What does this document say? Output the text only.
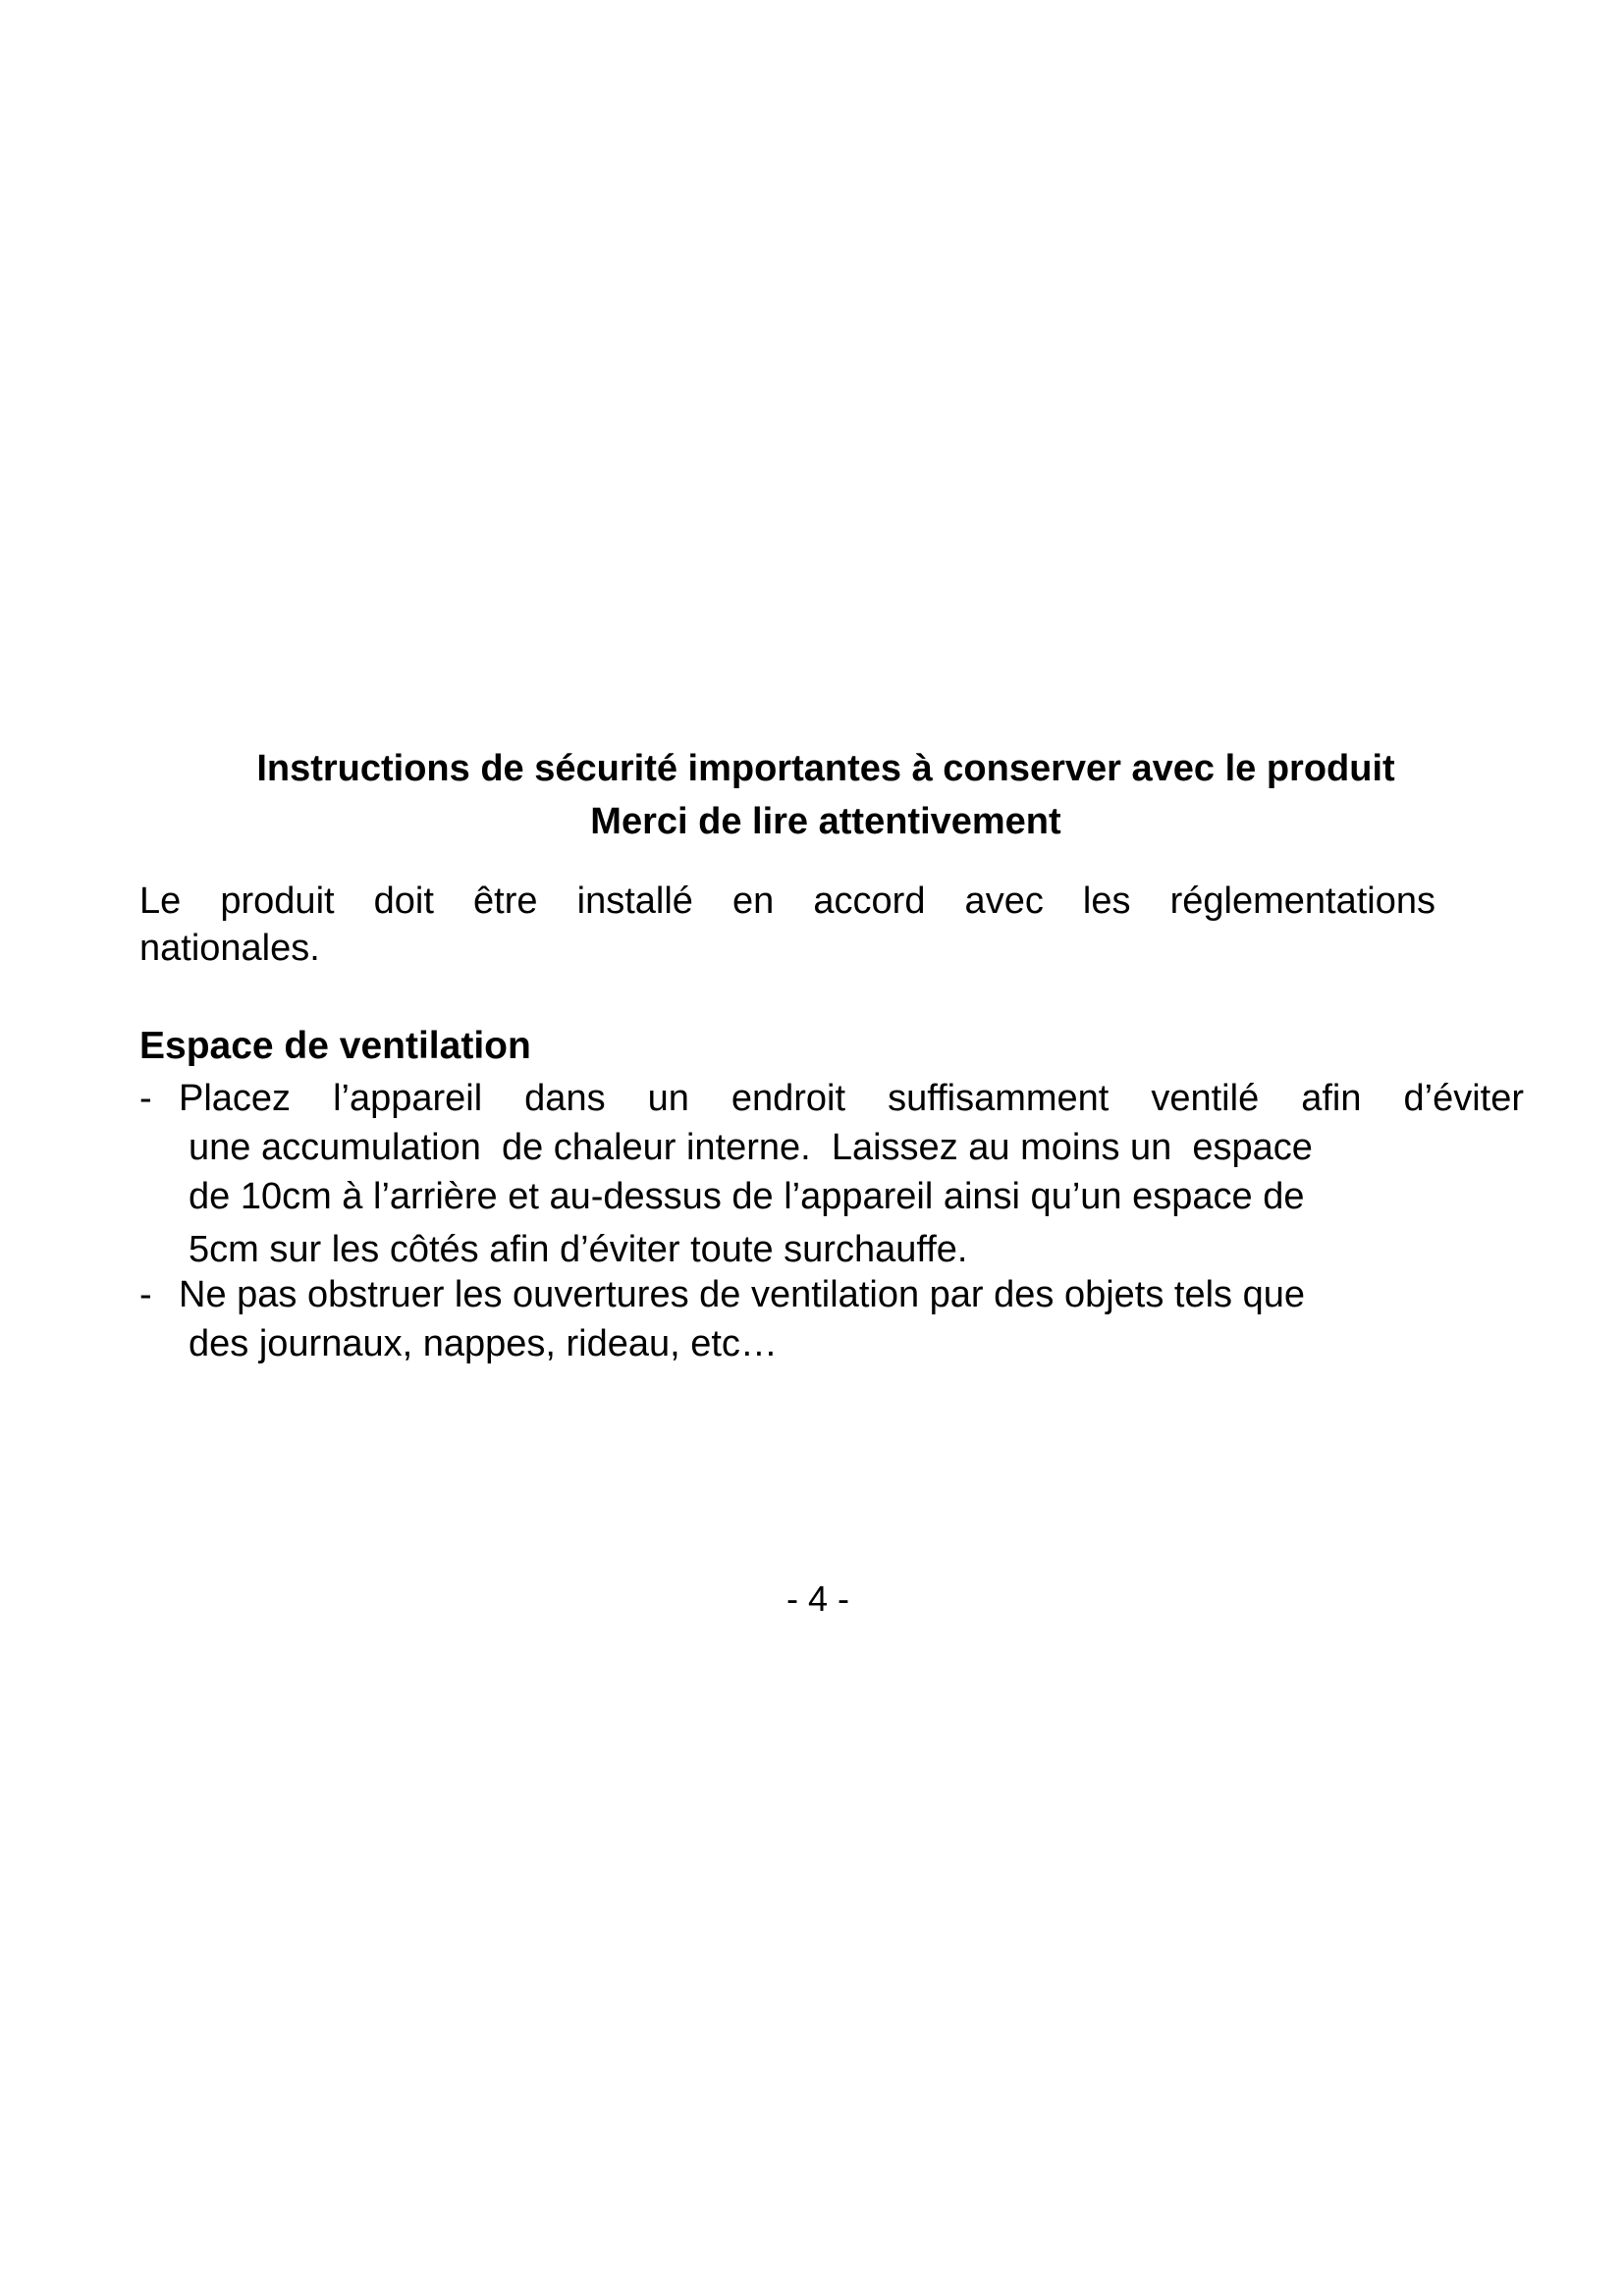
Instructions de sécurité importantes à conserver avec le produit
Merci de lire attentivement
Le produit doit être installé en accord avec les réglementations
nationales.
Espace de ventilation
- Placez l’appareil dans un endroit suffisamment ventilé afin d’éviter
une accumulation  de chaleur interne.  Laissez au moins un  espace
de 10cm à l’arrière et au-dessus de l’appareil ainsi qu’un espace de
5cm sur les côtés afin d’éviter toute surchauffe.
- Ne pas obstruer les ouvertures de ventilation par des objets tels que
des journaux, nappes, rideau, etc…
- 4 -
